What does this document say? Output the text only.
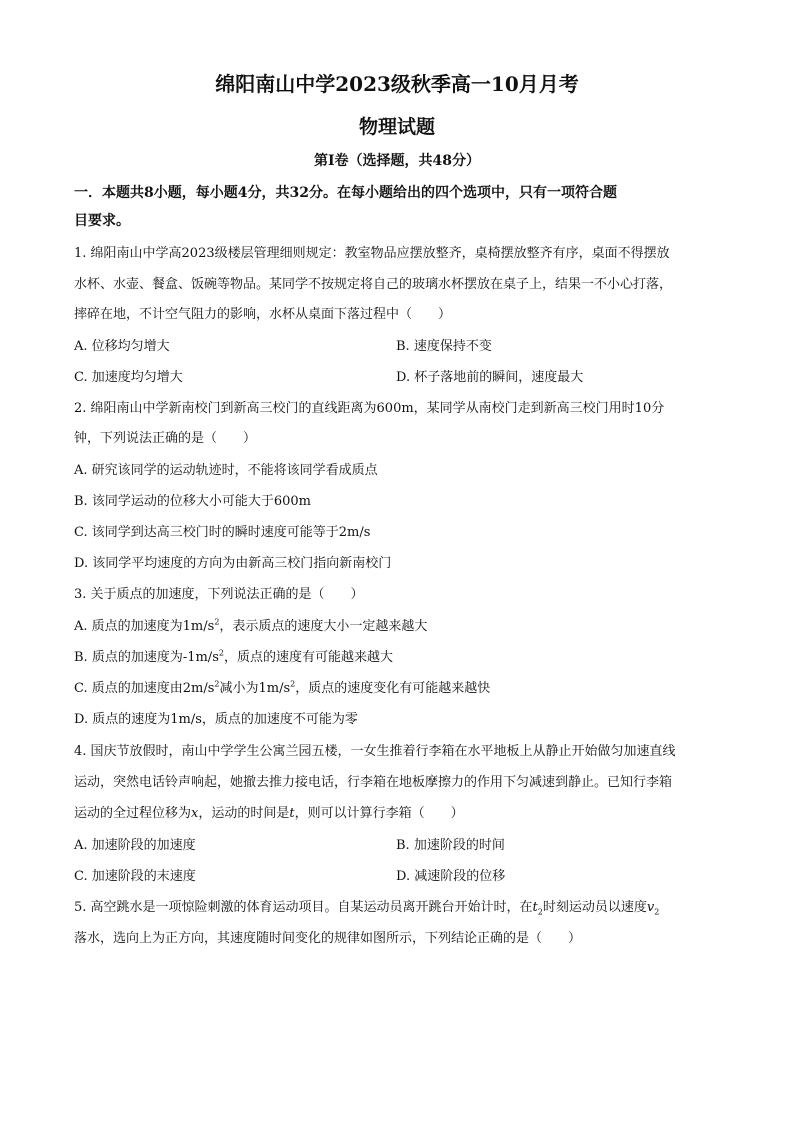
绵阳南山中学2023级秋季高一10月月考
物理试题
第Ⅰ卷（选择题，共48分）
一．本题共8小题，每小题4分，共32分。在每小题给出的四个选项中，只有一项符合题
目要求。
1. 绵阳南山中学高2023级楼层管理细则规定：教室物品应摆放整齐，桌椅摆放整齐有序，桌面不得摆放
水杯、水壶、餐盒、饭碗等物品。某同学不按规定将自己的玻璃水杯摆放在桌子上，结果一不小心打落，
摔碎在地，不计空气阻力的影响，水杯从桌面下落过程中（　　）
A. 位移均匀增大	B. 速度保持不变
C. 加速度均匀增大	D. 杯子落地前的瞬间，速度最大
2. 绵阳南山中学新南校门到新高三校门的直线距离为600m，某同学从南校门走到新高三校门用时10分
钟，下列说法正确的是（　　）
A. 研究该同学的运动轨迹时，不能将该同学看成质点
B. 该同学运动的位移大小可能大于600m
C. 该同学到达高三校门时的瞬时速度可能等于2m/s
D. 该同学平均速度的方向为由新高三校门指向新南校门
3. 关于质点的加速度，下列说法正确的是（　　）
A. 质点的加速度为$1m/s^2$，表示质点的速度大小一定越来越大
B. 质点的加速度为$-1m/s^2$，质点的速度有可能越来越大
C. 质点的加速度由$2m/s^2$减小为$1m/s^2$，质点的速度变化有可能越来越快
D. 质点的速度为1m/s，质点的加速度不可能为零
4. 国庆节放假时，南山中学学生公寓兰园五楼，一女生推着行李箱在水平地板上从静止开始做匀加速直线
运动，突然电话铃声响起，她撤去推力接电话，行李箱在地板摩擦力的作用下匀减速到静止。已知行李箱
运动的全过程位移为x，运动的时间是t，则可以计算行李箱（　　）
A. 加速阶段的加速度	B. 加速阶段的时间
C. 加速阶段的末速度	D. 减速阶段的位移
5. 高空跳水是一项惊险刺激的体育运动项目。自某运动员离开跳台开始计时，在$t_2$时刻运动员以速度$v_2$
落水，选向上为正方向，其速度随时间变化的规律如图所示，下列结论正确的是（　　）
